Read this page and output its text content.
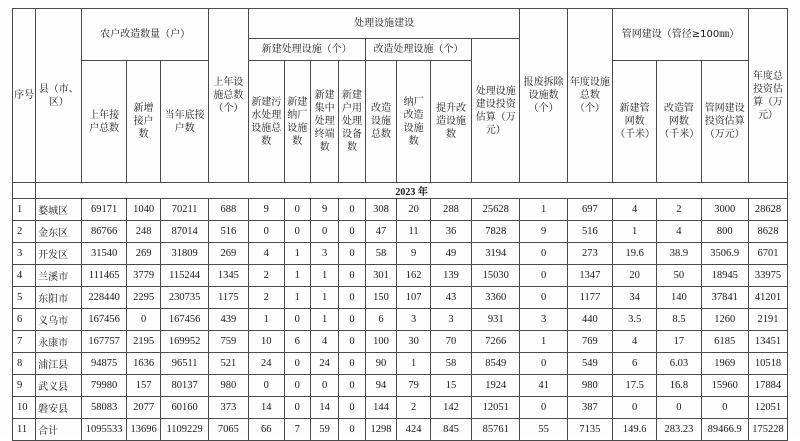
序号	县（市、区）	农户改造数量（户）			上年设施总数（个）	处理设施建设								报废拆除设施数（个）	年度设施总数（个）	管网建设（管径≥100㎜）			年度总投资估算（万元）
						新建处理设施（个）				改造处理设施（个）			处理设施建设投资估算（万元）						
		上年接户总数	新增接户数	当年底接户数		新建污水处理设施总数	新建纳厂设施数	新建集中处理终端数	新建户用处理设备数	改造设施总数	纳厂改造设施数	提升改造设施数				新建管网数（千米）	改造管网数（千米）	管网建设投资估算（万元）	

	2023 年																		
1	婺城区	69171	1040	70211	688	9	0	9	0	308	20	288	25628	1	697	4	2	3000	28628
2	金东区	86766	248	87014	516	0	0	0	0	47	11	36	7828	9	516	1	4	800	8628
3	开发区	31540	269	31809	269	4	1	3	0	58	9	49	3194	0	273	19.6	38.9	3506.9	6701
4	兰溪市	111465	3779	115244	1345	2	1	1	0	301	162	139	15030	0	1347	20	50	18945	33975
5	东阳市	228440	2295	230735	1175	2	1	1	0	150	107	43	3360	0	1177	34	140	37841	41201
6	义乌市	167456	0	167456	439	1	0	1	0	6	3	3	931	3	440	3.5	8.5	1260	2191
7	永康市	167757	2195	169952	759	10	6	4	0	100	30	70	7266	1	769	4	17	6185	13451
8	浦江县	94875	1636	96511	521	24	0	24	0	90	1	58	8549	0	549	6	6.03	1969	10518
9	武义县	79980	157	80137	980	0	0	0	0	94	79	15	1924	41	980	17.5	16.8	15960	17884
10	磐安县	58083	2077	60160	373	14	0	14	0	144	2	142	12051	0	387	0	0	0	12051
11	合计	1095533	13696	1109229	7065	66	7	59	0	1298	424	845	85761	55	7135	149.6	283.23	89466.9	175228
